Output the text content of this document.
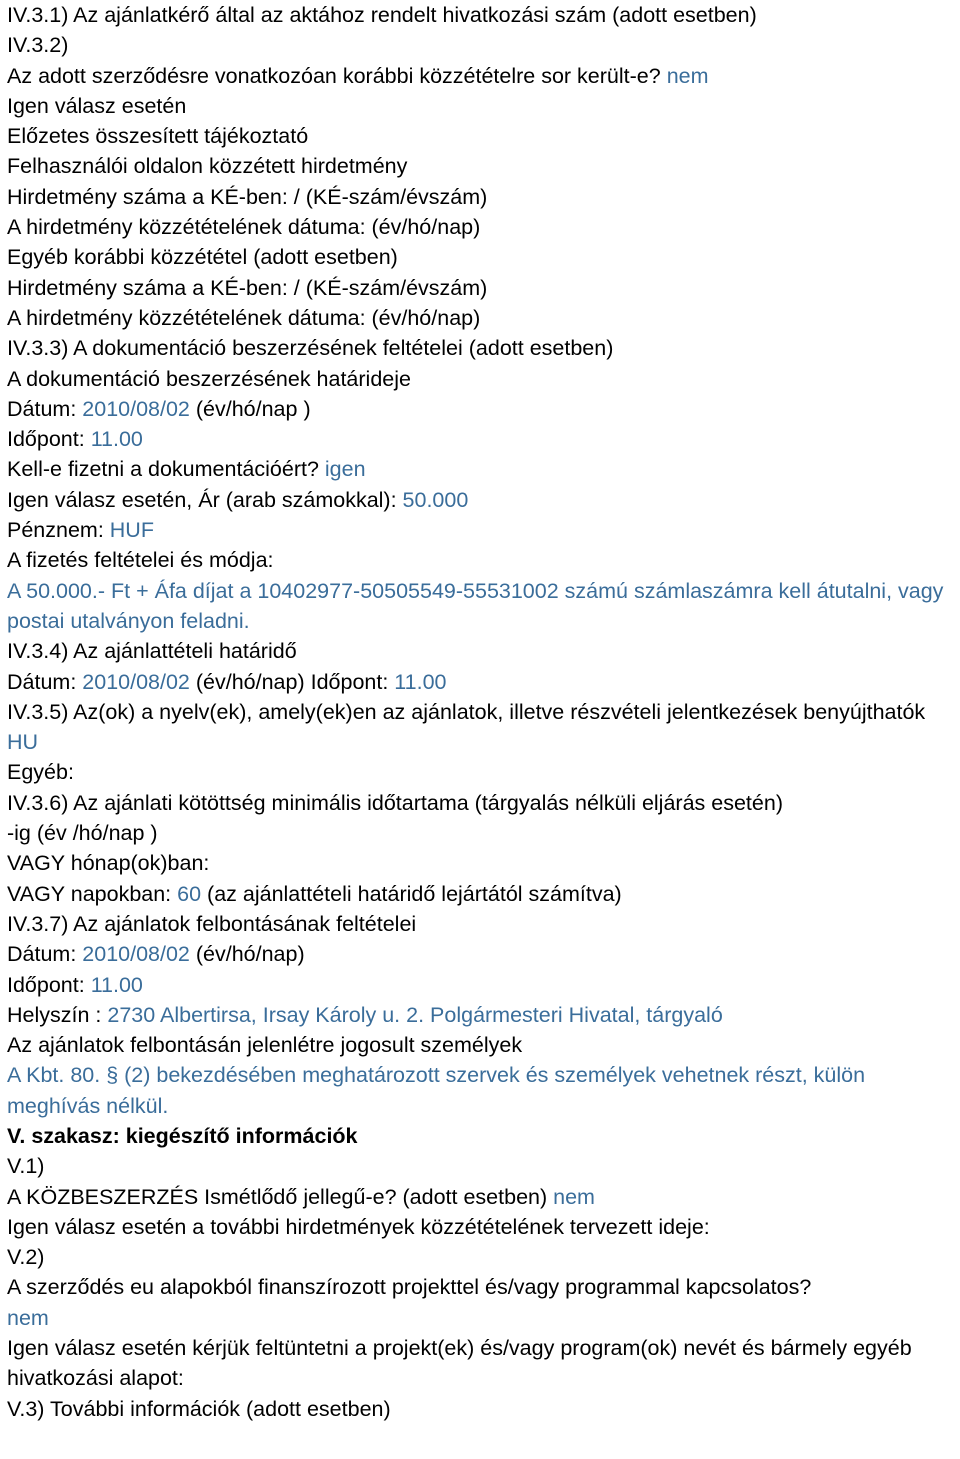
IV.3.1) Az ajánlatkérő által az aktához rendelt hivatkozási szám (adott esetben)
IV.3.2)
Az adott szerződésre vonatkozóan korábbi közzétételre sor került-e? nem
Igen válasz esetén
Előzetes összesített tájékoztató
Felhasználói oldalon közzétett hirdetmény
Hirdetmény száma a KÉ-ben: / (KÉ-szám/évszám)
A hirdetmény közzétételének dátuma: (év/hó/nap)
Egyéb korábbi közzététel (adott esetben)
Hirdetmény száma a KÉ-ben: / (KÉ-szám/évszám)
A hirdetmény közzétételének dátuma: (év/hó/nap)
IV.3.3) A dokumentáció beszerzésének feltételei (adott esetben)
A dokumentáció beszerzésének határideje
Dátum: 2010/08/02 (év/hó/nap )
Időpont: 11.00
Kell-e fizetni a dokumentációért? igen
Igen válasz esetén, Ár (arab számokkal): 50.000
Pénznem: HUF
A fizetés feltételei és módja:
A 50.000.- Ft + Áfa díjat a 10402977-50505549-55531002 számú számlaszámra kell átutalni, vagy postai utalványon feladni.
IV.3.4) Az ajánlattételi határidő
Dátum: 2010/08/02 (év/hó/nap) Időpont: 11.00
IV.3.5) Az(ok) a nyelv(ek), amely(ek)en az ajánlatok, illetve részvételi jelentkezések benyújthatók
HU
Egyéb:
IV.3.6) Az ajánlati kötöttség minimális időtartama (tárgyalás nélküli eljárás esetén)
-ig (év /hó/nap )
VAGY hónap(ok)ban:
VAGY napokban: 60 (az ajánlattételi határidő lejártától számítva)
IV.3.7) Az ajánlatok felbontásának feltételei
Dátum: 2010/08/02 (év/hó/nap)
Időpont: 11.00
Helyszín : 2730 Albertirsa, Irsay Károly u. 2. Polgármesteri Hivatal, tárgyaló
Az ajánlatok felbontásán jelenlétre jogosult személyek
A Kbt. 80. § (2) bekezdésében meghatározott szervek és személyek vehetnek részt, külön meghívás nélkül.
V. szakasz: kiegészítő információk
V.1)
A KÖZBESZERZÉS Ismétlődő jellegű-e? (adott esetben) nem
Igen válasz esetén a további hirdetmények közzétételének tervezett ideje:
V.2)
A szerződés eu alapokból finanszírozott projekttel és/vagy programmal kapcsolatos?
nem
Igen válasz esetén kérjük feltüntetni a projekt(ek) és/vagy program(ok) nevét és bármely egyéb hivatkozási alapot:
V.3) További információk (adott esetben)
